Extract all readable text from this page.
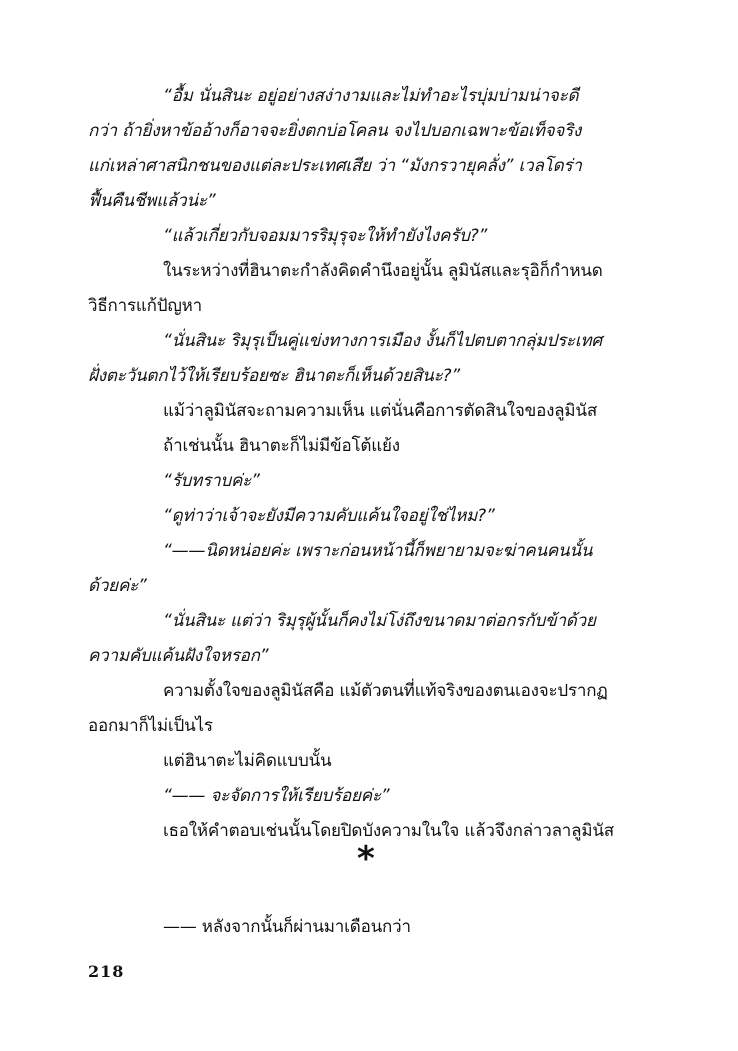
“อื้ม นั่นสินะ อยู่อย่างสง่างามและไม่ทำอะไรบุ่มบ่ามน่าจะดี
กว่า ถ้ายิ่งหาข้ออ้างก็อาจจะยิ่งตกบ่อโคลน จงไปบอกเฉพาะข้อเท็จจริง
แก่เหล่าศาสนิกชนของแต่ละประเทศเสีย ว่า “มังกรวายุคลั่ง” เวลโดร่า
ฟื้นคืนชีพแล้วน่ะ”
“แล้วเกี่ยวกับจอมมารริมุรุจะให้ทำยังไงครับ?”
ในระหว่างที่ฮินาตะกำลังคิดคำนึงอยู่นั้น ลูมินัสและรุอิก็กำหนด
วิธีการแก้ปัญหา
“นั่นสินะ ริมุรุเป็นคู่แข่งทางการเมือง งั้นก็ไปตบตากลุ่มประเทศ
ฝั่งตะวันตกไว้ให้เรียบร้อยซะ ฮินาตะก็เห็นด้วยสินะ?”
แม้ว่าลูมินัสจะถามความเห็น แต่นั่นคือการตัดสินใจของลูมินัส
ถ้าเช่นนั้น ฮินาตะก็ไม่มีข้อโต้แย้ง
“รับทราบค่ะ”
“ดูท่าว่าเจ้าจะยังมีความคับแค้นใจอยู่ใช่ไหม?”
“——นิดหน่อยค่ะ เพราะก่อนหน้านี้ก็พยายามจะฆ่าคนคนนั้น
ด้วยค่ะ”
“นั่นสินะ แต่ว่า ริมุรุผู้นั้นก็คงไม่โง่ถึงขนาดมาต่อกรกับข้าด้วย
ความคับแค้นฝังใจหรอก”
ความตั้งใจของลูมินัสคือ แม้ตัวตนที่แท้จริงของตนเองจะปรากฏ
ออกมาก็ไม่เป็นไร
แต่ฮินาตะไม่คิดแบบนั้น
“—— จะจัดการให้เรียบร้อยค่ะ”
เธอให้คำตอบเช่นนั้นโดยปิดบังความในใจ แล้วจึงกล่าวลาลูมินัส
*
—— หลังจากนั้นก็ผ่านมาเดือนกว่า
218
